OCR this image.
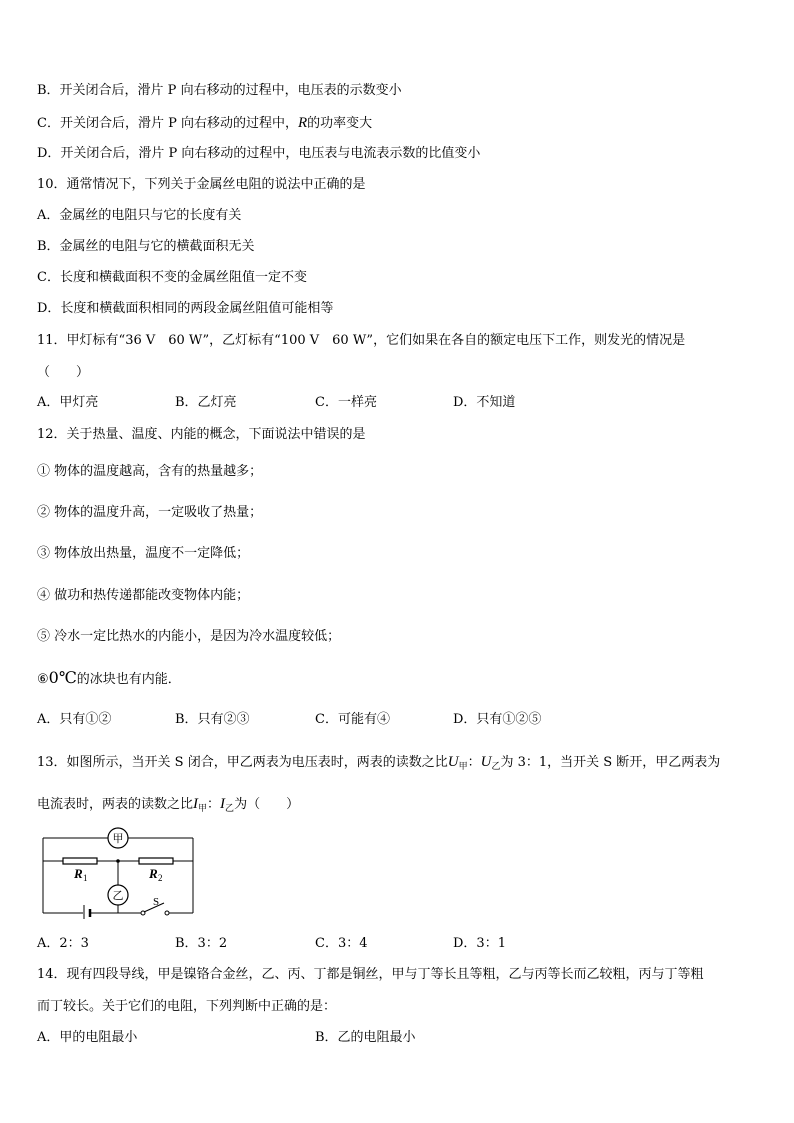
B．开关闭合后，滑片 P 向右移动的过程中，电压表的示数变小
C．开关闭合后，滑片 P 向右移动的过程中，R的功率变大
D．开关闭合后，滑片 P 向右移动的过程中，电压表与电流表示数的比值变小
10．通常情况下，下列关于金属丝电阻的说法中正确的是
A．金属丝的电阻只与它的长度有关
B．金属丝的电阻与它的横截面积无关
C．长度和横截面积不变的金属丝阻值一定不变
D．长度和横截面积相同的两段金属丝阻值可能相等
11．甲灯标有“36 V　60 W”，乙灯标有“100 V　60 W”，它们如果在各自的额定电压下工作，则发光的情况是
（　　）
A．甲灯亮	B．乙灯亮	C．一样亮	D．不知道
12．关于热量、温度、内能的概念，下面说法中错误的是
① 物体的温度越高，含有的热量越多；
② 物体的温度升高，一定吸收了热量；
③ 物体放出热量，温度不一定降低；
④ 做功和热传递都能改变物体内能；
⑤ 冷水一定比热水的内能小，是因为冷水温度较低；
⑥0℃的冰块也有内能．
A．只有①②	B．只有②③	C．可能有④	D．只有①②⑤
13．如图所示，当开关 S 闭合，甲乙两表为电压表时，两表的读数之比$U_甲$：$U_乙$为 3：1，当开关 S 断开，甲乙两表为
电流表时，两表的读数之比$I_甲$：$I_乙$为（　　）
甲
R 1	R 2
乙	S
A．2：3	B．3：2	C．3：4	D．3：1
14．现有四段导线，甲是镍铬合金丝，乙、丙、丁都是铜丝，甲与丁等长且等粗，乙与丙等长而乙较粗，丙与丁等粗
而丁较长。关于它们的电阻，下列判断中正确的是：
A．甲的电阻最小	B．乙的电阻最小
